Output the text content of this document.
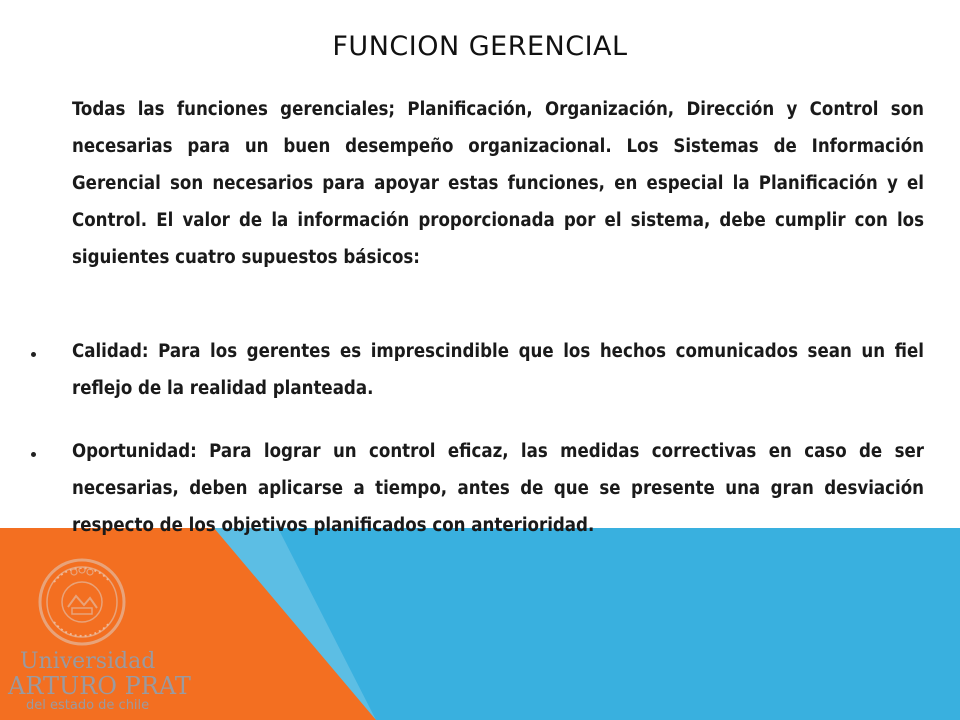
FUNCION GERENCIAL

Todas las funciones gerenciales; Planificación, Organización, Dirección y Control son necesarias para un buen desempeño organizacional. Los Sistemas de Información Gerencial son necesarios para apoyar estas funciones, en especial la Planificación y el Control. El valor de la información proporcionada por el sistema, debe cumplir con los siguientes cuatro supuestos básicos:

Calidad: Para los gerentes es imprescindible que los hechos comunicados sean un fiel reflejo de la realidad planteada.

Oportunidad: Para lograr un control eficaz, las medidas correctivas en caso de ser necesarias, deben aplicarse a tiempo, antes de que se presente una gran desviación respecto de los objetivos planificados con anterioridad.

Universidad

ARTURO PRAT

del estado de chile
